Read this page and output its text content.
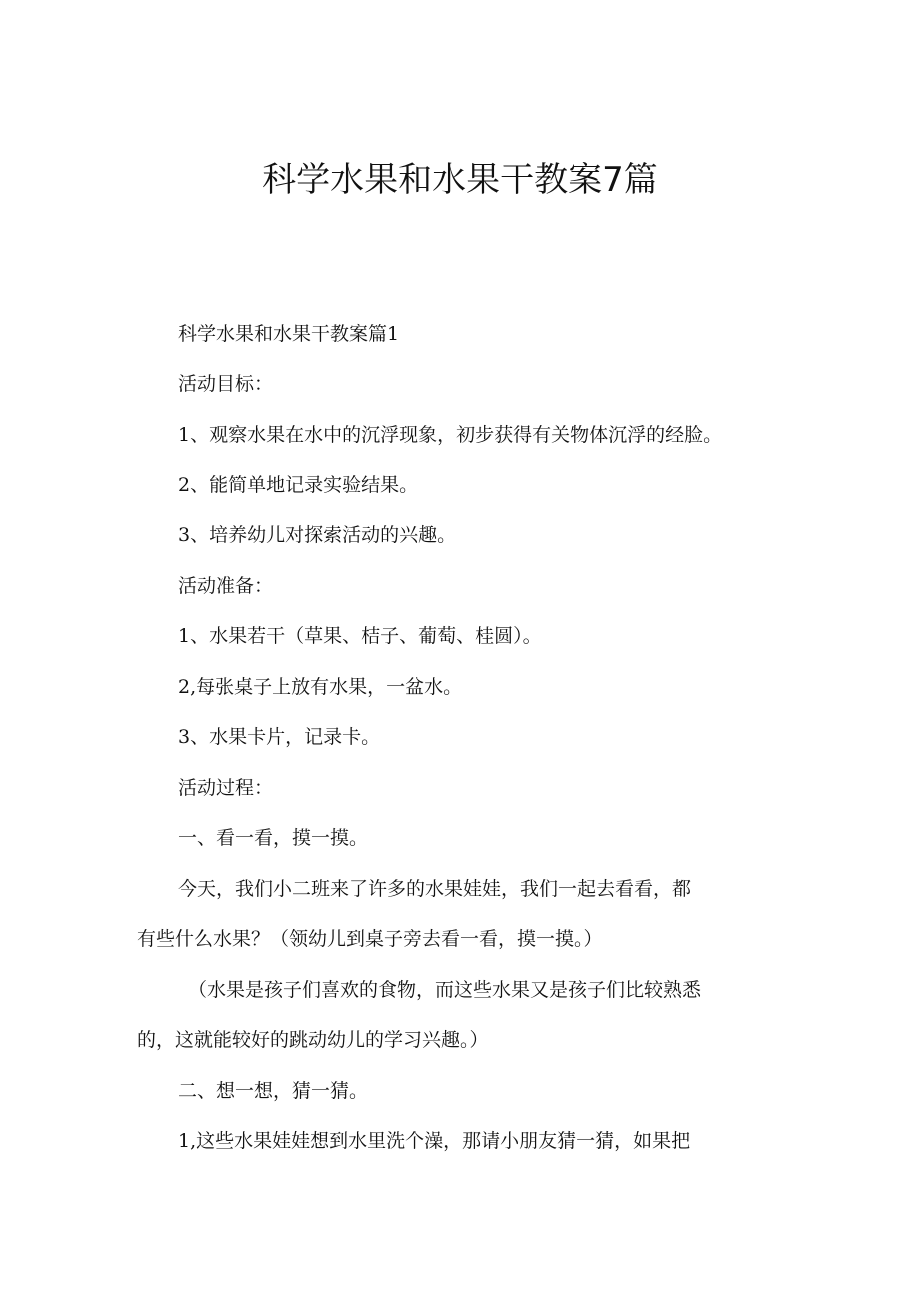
科学水果和水果干教案7篇
科学水果和水果干教案篇1
活动目标：
1、观察水果在水中的沉浮现象，初步获得有关物体沉浮的经脸。
2、能简单地记录实验结果。
3、培养幼儿对探索活动的兴趣。
活动准备：
1、水果若干（草果、桔子、葡萄、桂圆）。
2,每张桌子上放有水果，一盆水。
3、水果卡片，记录卡。
活动过程：
一、看一看，摸一摸。
今天，我们小二班来了许多的水果娃娃，我们一起去看看，都
有些什么水果？（领幼儿到桌子旁去看一看，摸一摸。）
（水果是孩子们喜欢的食物，而这些水果又是孩子们比较熟悉
的，这就能较好的跳动幼儿的学习兴趣。）
二、想一想，猜一猜。
1,这些水果娃娃想到水里洗个澡，那请小朋友猜一猜，如果把
